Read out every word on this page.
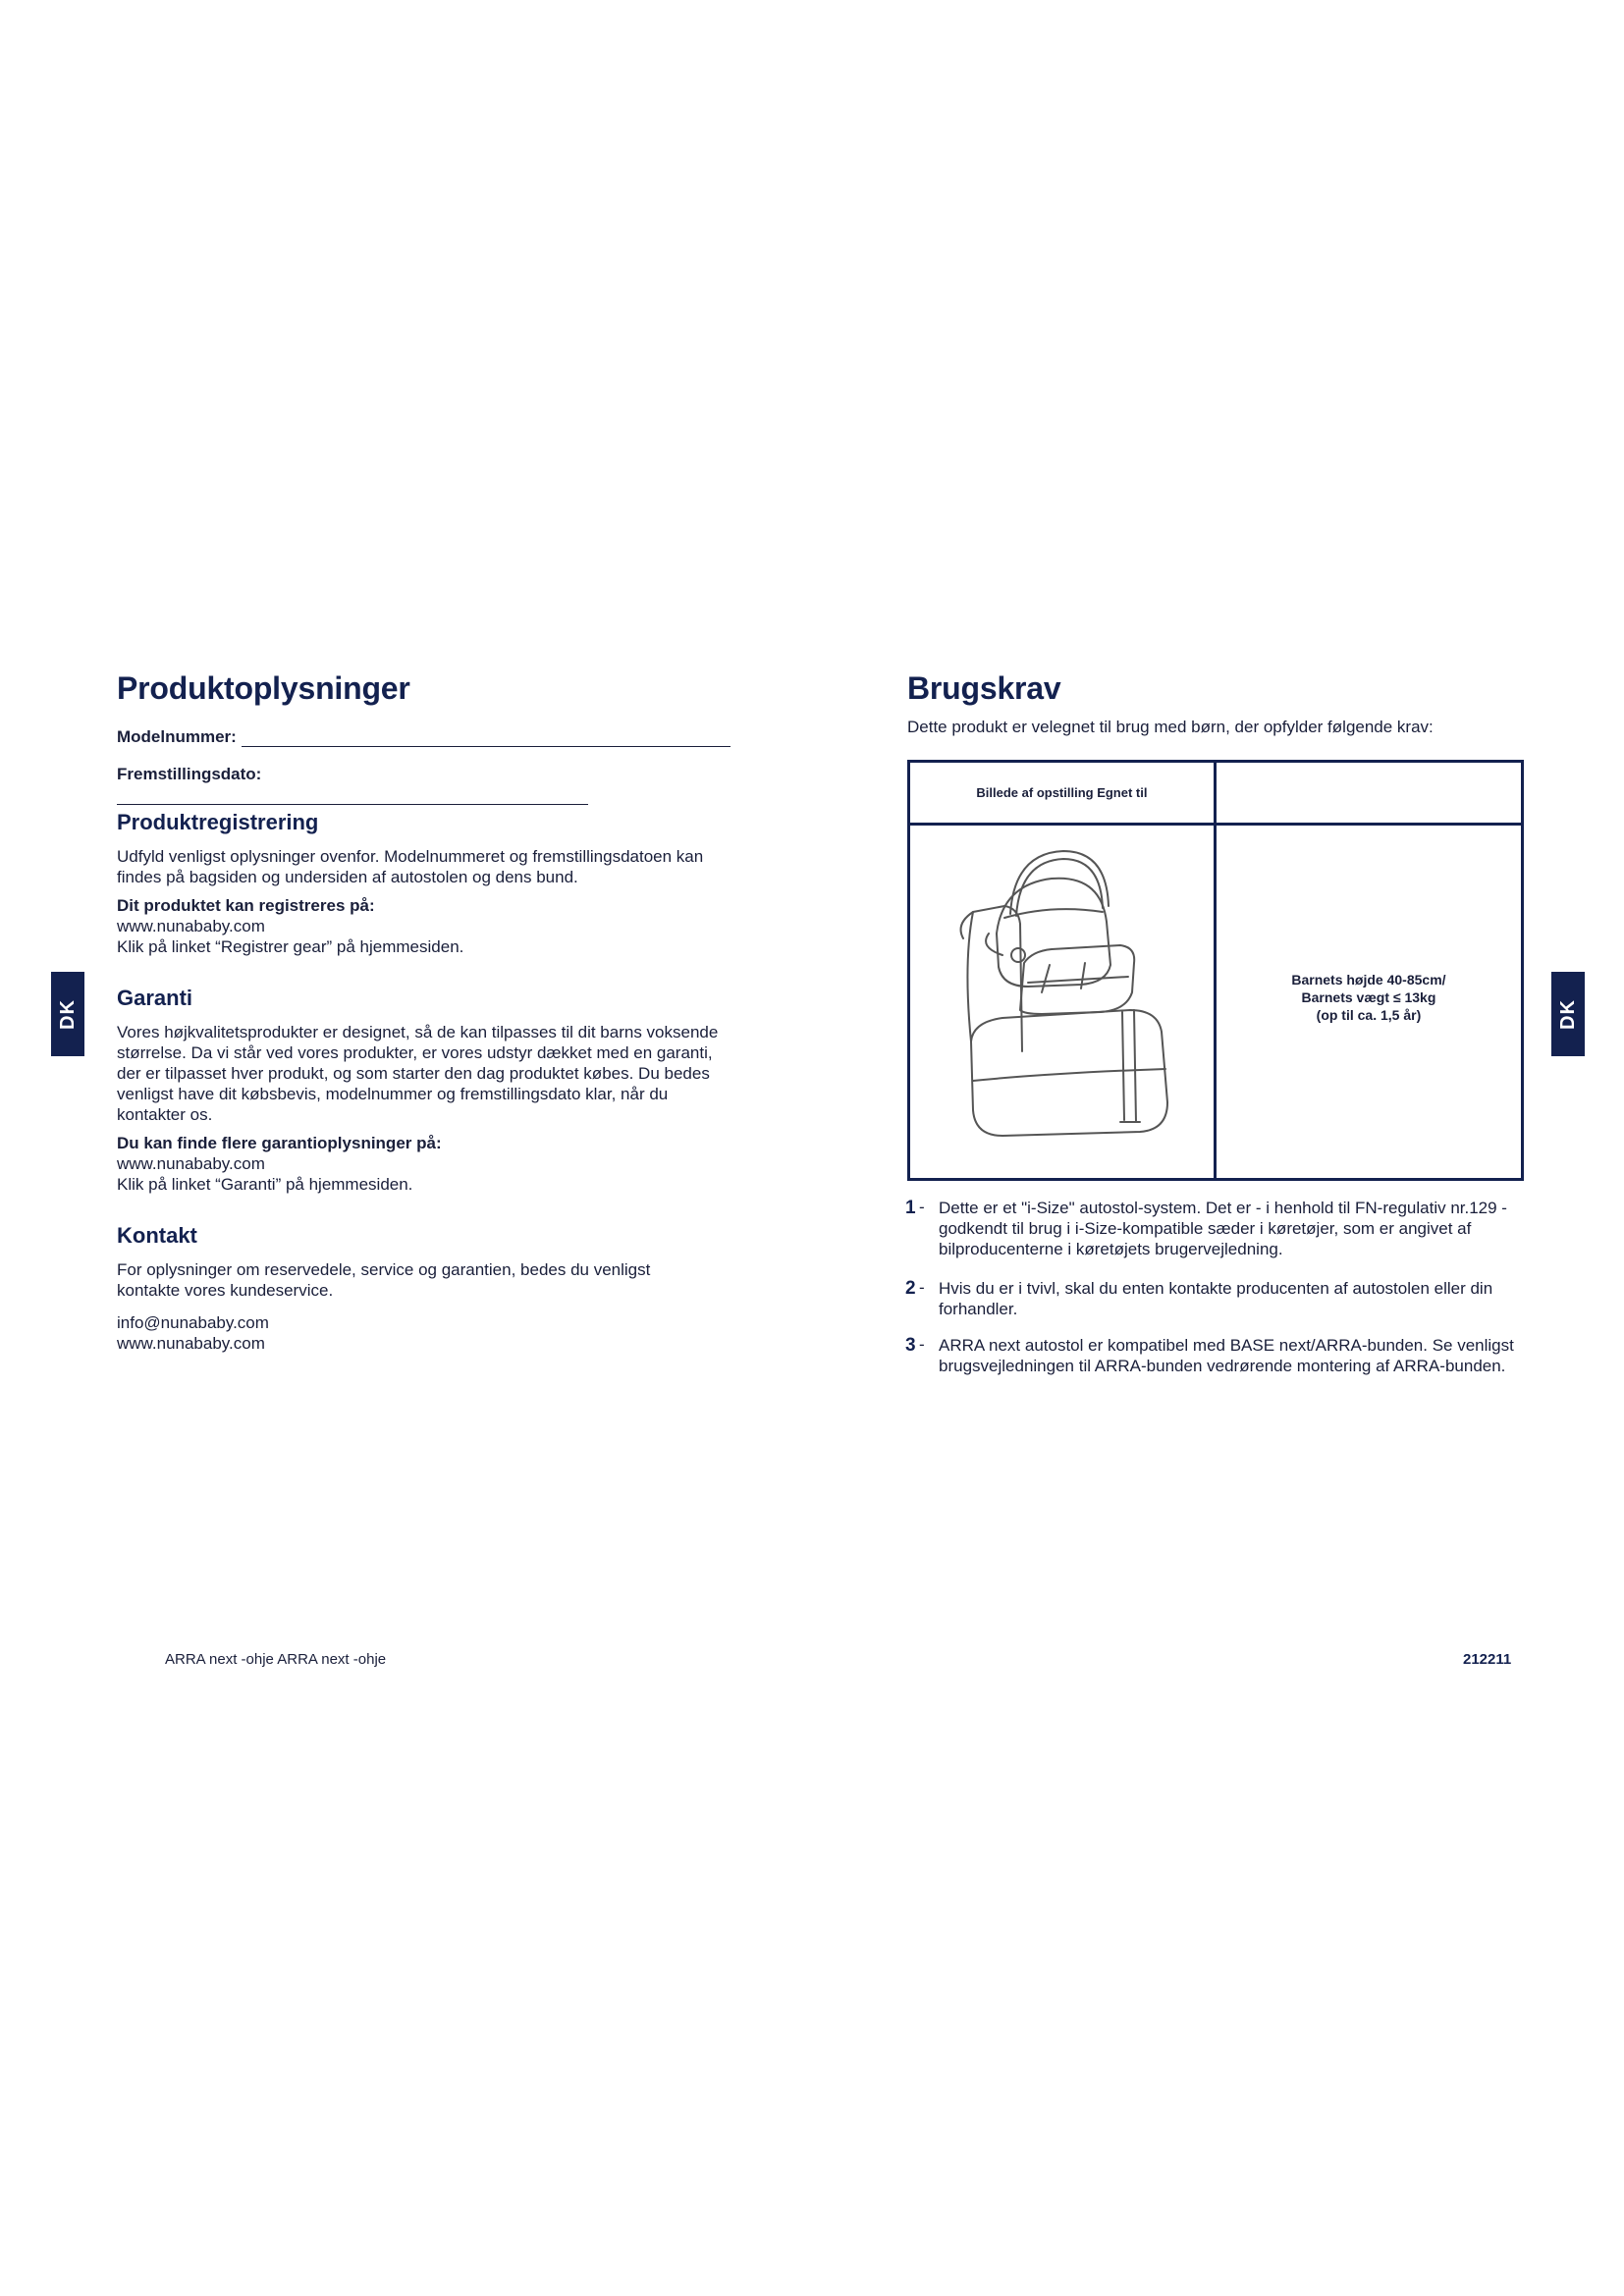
Produktoplysninger
Modelnummer:
Fremstillingsdato:
Produktregistrering
Udfyld venligst oplysninger ovenfor. Modelnummeret og fremstillingsdatoen kan findes på bagsiden og undersiden af autostolen og dens bund.
Dit produktet kan registreres på:
www.nunababy.com
Klik på linket “Registrer gear” på hjemmesiden.
Garanti
Vores højkvalitetsprodukter er designet, så de kan tilpasses til dit barns voksende størrelse. Da vi står ved vores produkter, er vores udstyr dækket med en garanti, der er tilpasset hver produkt, og som starter den dag produktet købes. Du bedes venligst have dit købsbevis, modelnummer og fremstillingsdato klar, når du kontakter os.
Du kan finde flere garantioplysninger på:
www.nunababy.com
Klik på linket “Garanti” på hjemmesiden.
Kontakt
For oplysninger om reservedele, service og garantien, bedes du venligst kontakte vores kundeservice.
info@nunababy.com
www.nunababy.com
DK	DK
Brugskrav
Dette produkt er velegnet til brug med børn, der opfylder følgende krav:
Billede af opstilling Egnet til	

Barnets højde 40-85cm/
Barnets vægt ≤ 13kg
(op til ca. 1,5 år)
1 - Dette er et "i-Size" autostol-system. Det er - i henhold til FN-regulativ nr.129 - godkendt til brug i i-Size-kompatible sæder i køretøjer, som er angivet af bilproducenterne i køretøjets brugervejledning.
2 - Hvis du er i tvivl, skal du enten kontakte producenten af autostolen eller din forhandler.
3 - ARRA next autostol er kompatibel med BASE next/ARRA-bunden. Se venligst brugsvejledningen til ARRA-bunden vedrørende montering af ARRA-bunden.
ARRA next -ohje ARRA next -ohje	212211
